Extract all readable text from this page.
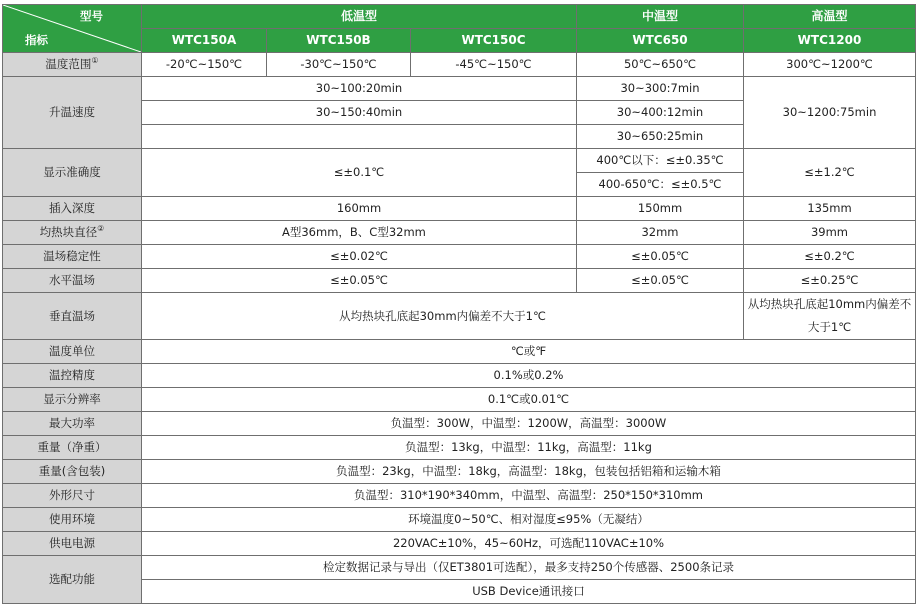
型号
指标	低温型			中温型	高温型
	WTC150A	WTC150B	WTC150C	WTC650	WTC1200
温度范围①	-20℃~150℃	-30℃~150℃	-45℃~150℃	50℃~650℃	300℃~1200℃
升温速度	30~100:20min			30~300:7min	30~1200:75min
	30~150:40min			30~400:12min	
				30~650:25min	
显示准确度	≤±0.1℃			400℃以下：≤±0.35℃	≤±1.2℃
				400-650℃：≤±0.5℃	
插入深度	160mm			150mm	135mm
均热块直径②	A型36mm，B、C型32mm			32mm	39mm
温场稳定性	≤±0.02℃			≤±0.05℃	≤±0.2℃
水平温场	≤±0.05℃			≤±0.05℃	≤±0.25℃
垂直温场	从均热块孔底起30mm内偏差不大于1℃				从均热块孔底起10mm内偏差不大于1℃
温度单位	℃或℉				
温控精度	0.1%或0.2%				
显示分辨率	0.1℃或0.01℃				
最大功率	负温型：300W，中温型：1200W，高温型：3000W				
重量（净重）	负温型：13kg，中温型：11kg，高温型：11kg				
重量(含包装)	负温型：23kg，中温型：18kg，高温型：18kg，包装包括铝箱和运输木箱				
外形尺寸	负温型：310*190*340mm，中温型、高温型：250*150*310mm				
使用环境	环境温度0~50℃、相对湿度≤95%（无凝结）				
供电电源	220VAC±10%，45~60Hz，可选配110VAC±10%				
选配功能	检定数据记录与导出（仅ET3801可选配），最多支持250个传感器、2500条记录				
	USB Device通讯接口				
